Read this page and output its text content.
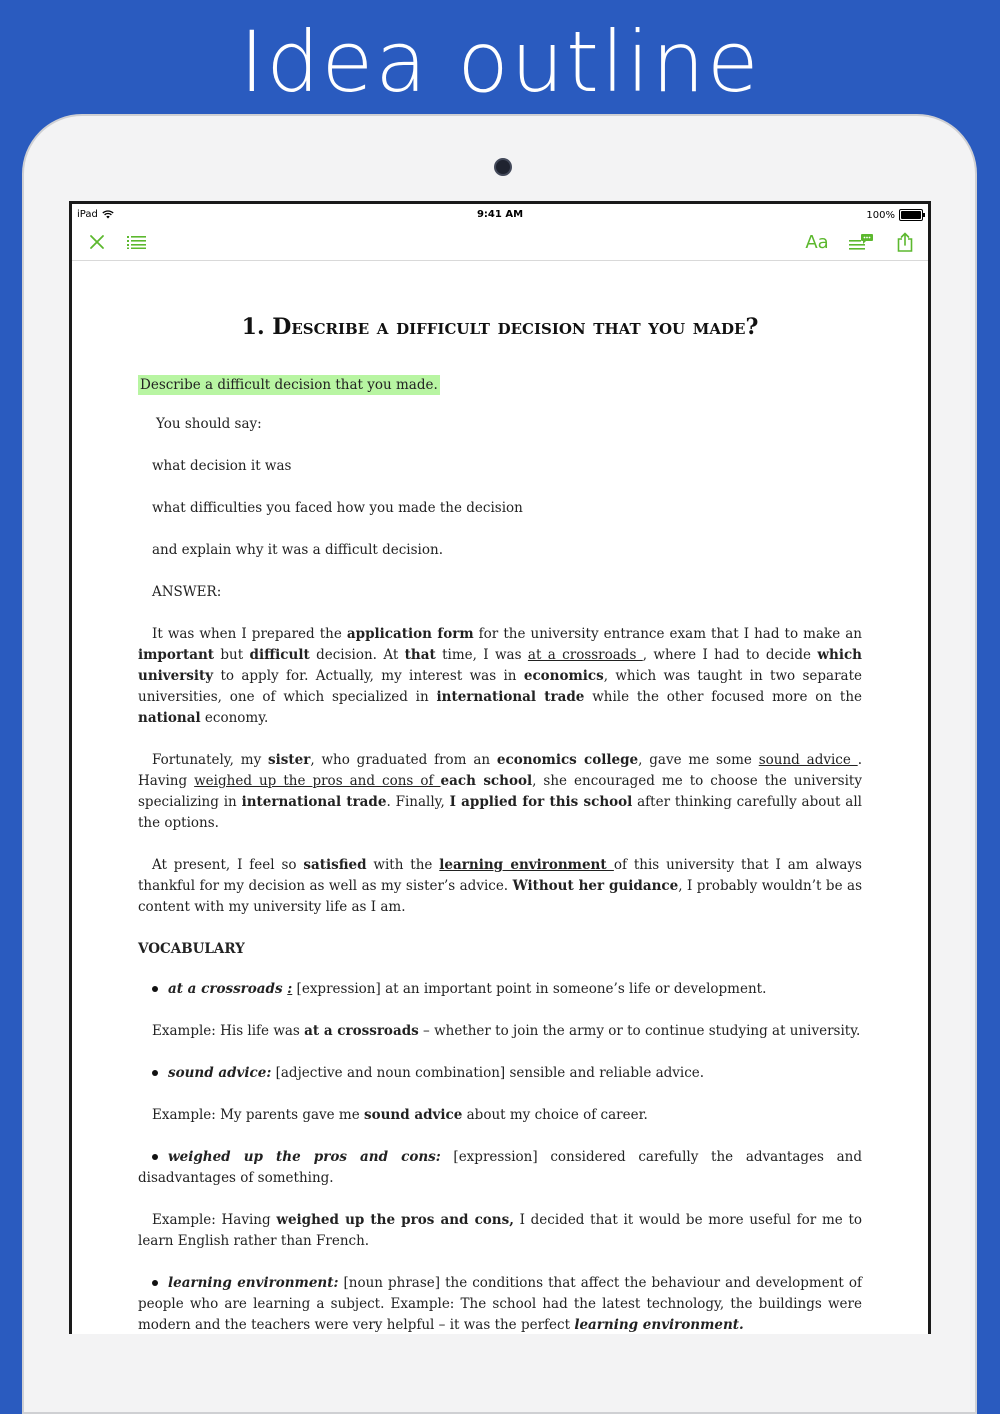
Idea outline
iPad	9:41 AM	100%
Aa
1. Describe a difficult decision that you made?

Describe a difficult decision that you made.

You should say:

what decision it was

what difficulties you faced how you made the decision

and explain why it was a difficult decision.

ANSWER:

It was when I prepared the application form for the university entrance exam that I had to make an important but difficult decision. At that time, I was at a crossroads , where I had to decide which university to apply for. Actually, my interest was in economics, which was taught in two separate universities, one of which specialized in international trade while the other focused more on the national economy.

Fortunately, my sister, who graduated from an economics college, gave me some sound advice . Having weighed up the pros and cons of each school, she encouraged me to choose the university specializing in international trade. Finally, I applied for this school after thinking carefully about all the options.

At present, I feel so satisfied with the learning environment of this university that I am always thankful for my decision as well as my sister’s advice. Without her guidance, I probably wouldn’t be as content with my university life as I am.

VOCABULARY

at a crossroads : [expression] at an important point in someone’s life or development.

Example: His life was at a crossroads – whether to join the army or to continue studying at university.

sound advice: [adjective and noun combination] sensible and reliable advice.

Example: My parents gave me sound advice about my choice of career.

weighed up the pros and cons: [expression] considered carefully the advantages and disadvantages of something.

Example: Having weighed up the pros and cons, I decided that it would be more useful for me to learn English rather than French.

learning environment: [noun phrase] the conditions that affect the behaviour and development of people who are learning a subject. Example: The school had the latest technology, the buildings were modern and the teachers were very helpful – it was the perfect learning environment.
